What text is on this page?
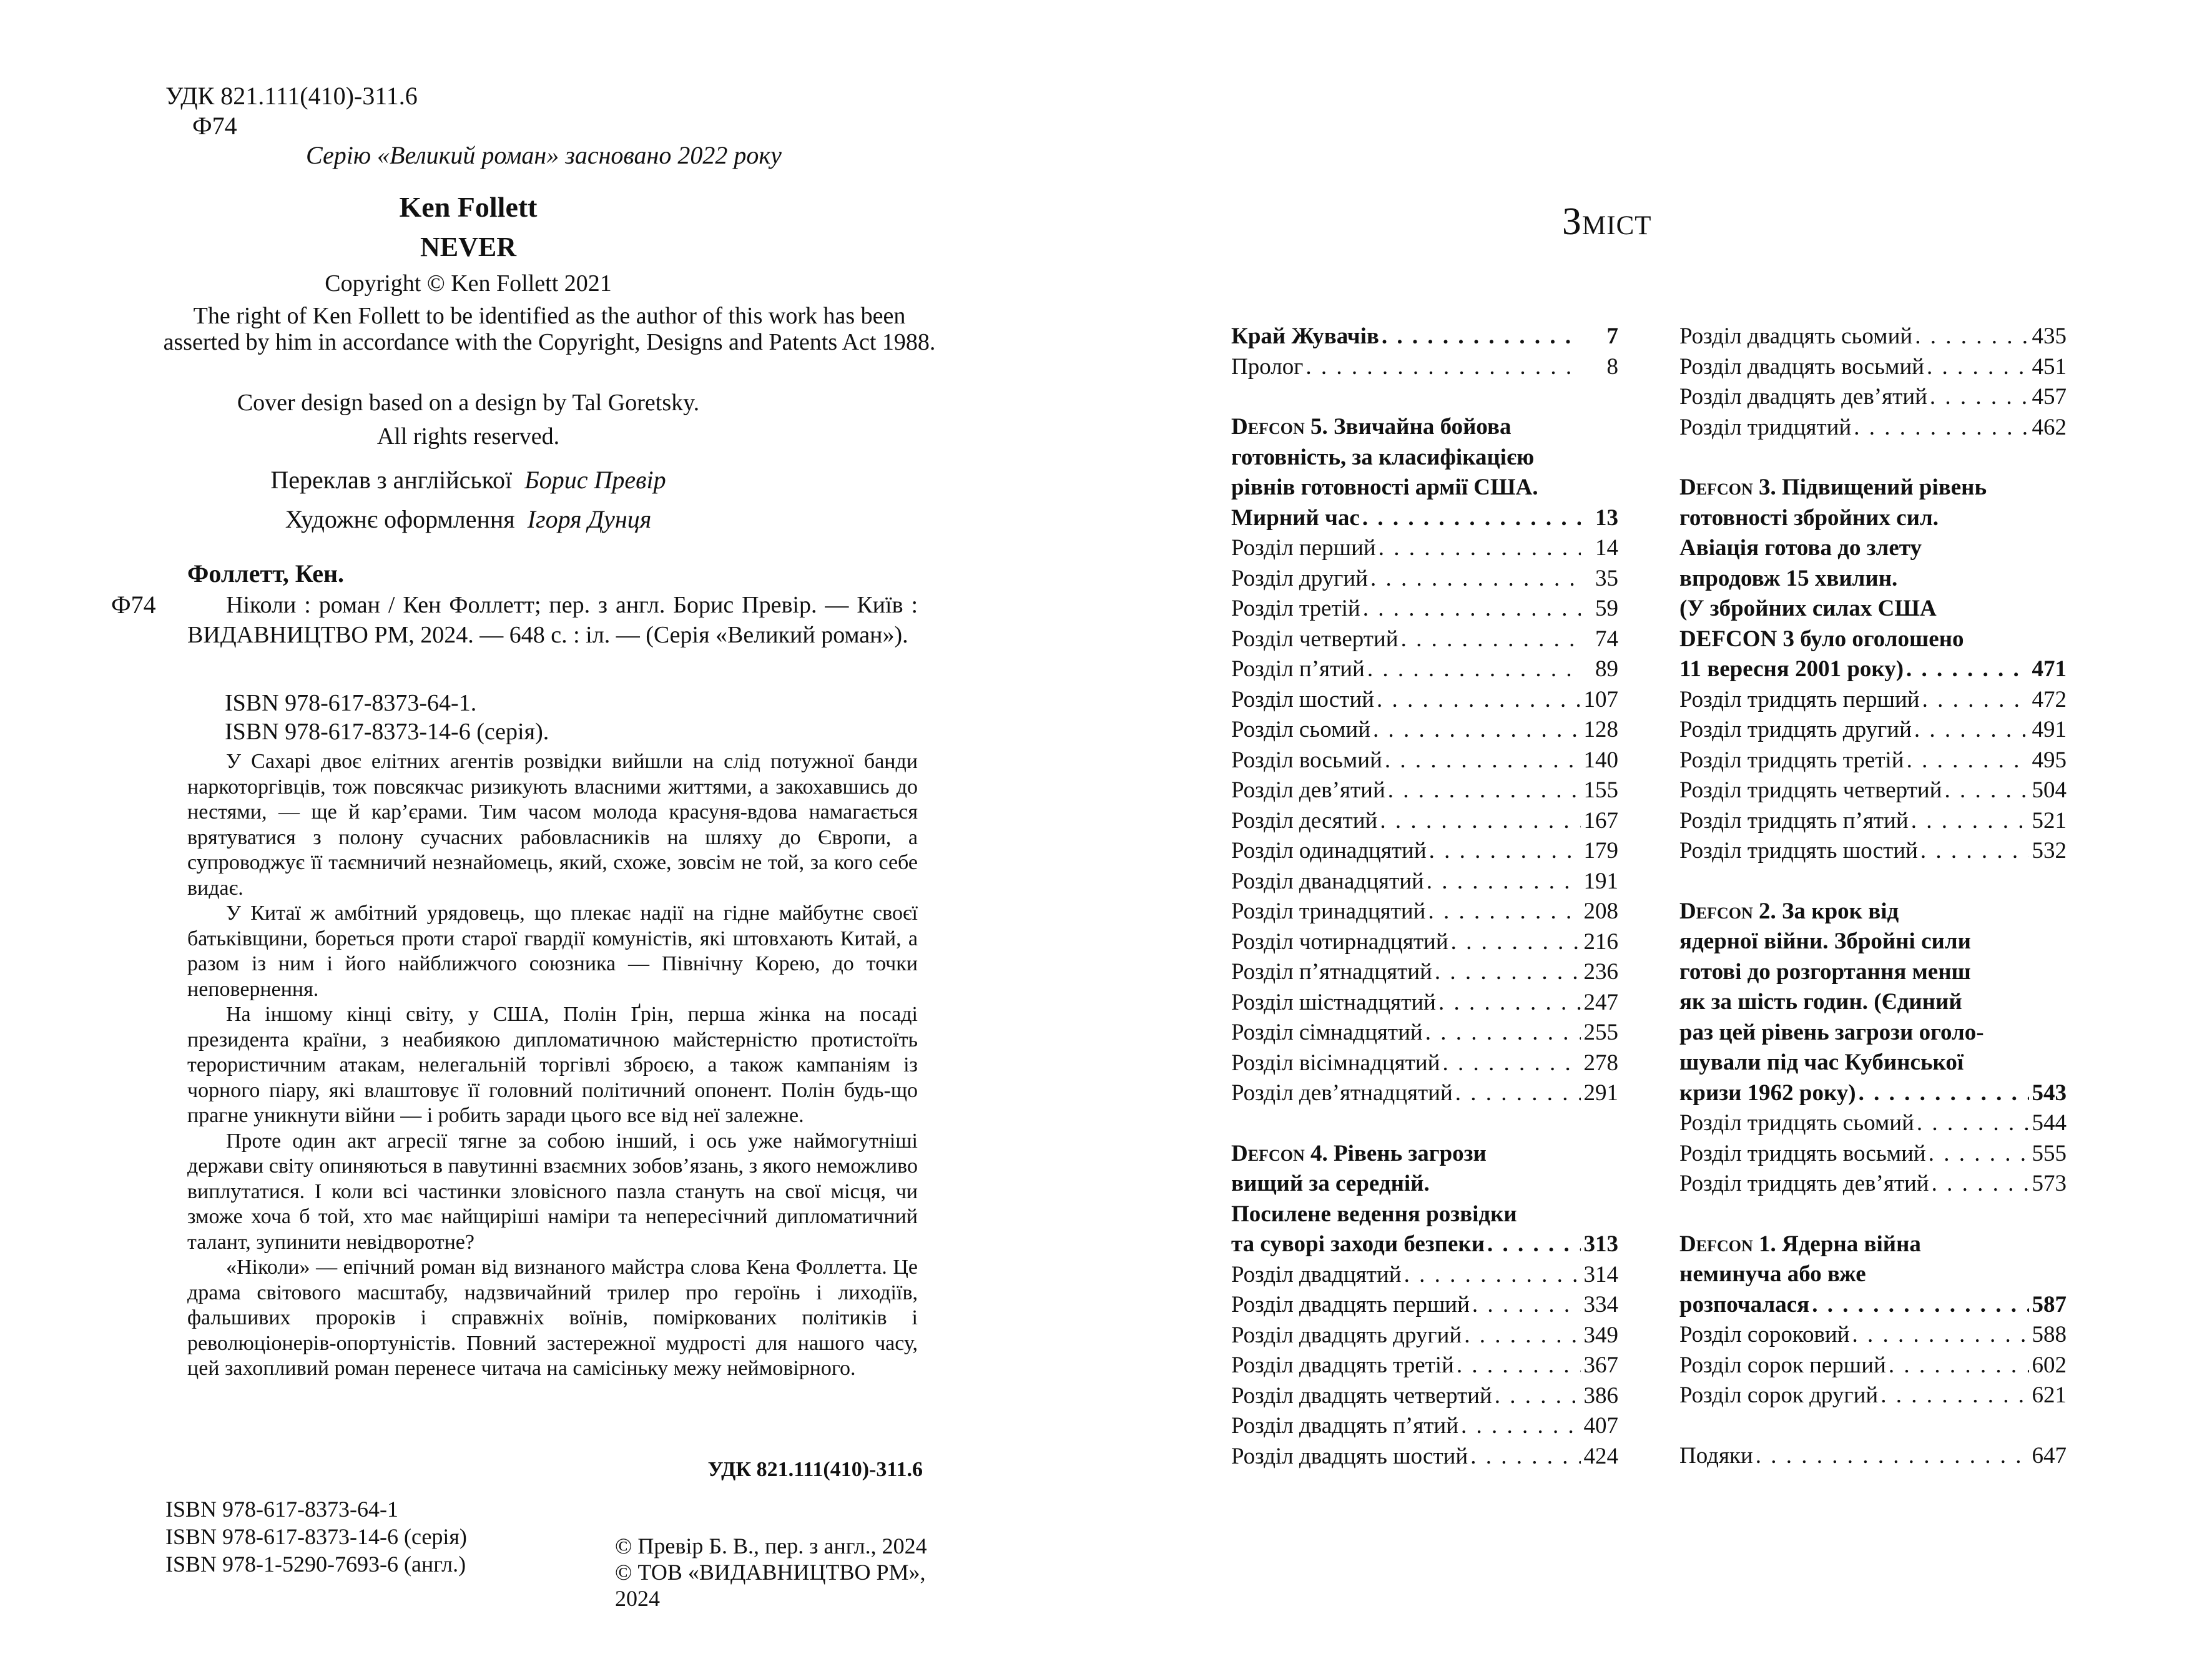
УДК 821.111(410)-311.6
Ф74
Серію «Великий роман» засновано 2022 року
Ken Follett
NEVER
Copyright © Ken Follett 2021
The right of Ken Follett to be identified as the author of this work has been asserted by him in accordance with the Copyright, Designs and Patents Act 1988.
Cover design based on a design by Tal Goretsky.
All rights reserved.
Переклав з англійської Борис Превір
Художнє оформлення Ігоря Дунця
Фоллетт, Кен.
Ф74	Ніколи : роман / Кен Фоллетт; пер. з англ. Борис Превір. — Київ : ВИДАВНИЦТВО РМ, 2024. — 648 с. : іл. — (Серія «Великий роман»).
ISBN 978-617-8373-64-1.
ISBN 978-617-8373-14-6 (серія).

У Сахарі двоє елітних агентів розвідки вийшли на слід потужної банди наркоторгівців, тож повсякчас ризикують власними життями, а закохавшись до нестями, — ще й кар’єрами. Тим часом молода красуня-вдова намагається врятуватися з полону сучасних рабовласників на шляху до Європи, а супроводжує її таємничий незнайомець, який, схоже, зовсім не той, за кого себе видає.

У Китаї ж амбітний урядовець, що плекає надії на гідне майбутнє своєї батьківщини, бореться проти старої гвардії комуністів, які штовхають Китай, а разом із ним і його найближчого союзника — Північну Корею, до точки неповернення.

На іншому кінці світу, у США, Полін Ґрін, перша жінка на посаді президента країни, з неабиякою дипломатичною майстерністю протистоїть терористичним атакам, нелегальній торгівлі зброєю, а також кампаніям із чорного піару, які влаштовує її головний політичний опонент. Полін будь-що прагне уникнути війни — і робить заради цього все від неї залежне.

Проте один акт агресії тягне за собою інший, і ось уже наймогутніші держави світу опиняються в павутинні взаємних зобов’язань, з якого неможливо виплутатися. І коли всі частинки зловісного пазла стануть на свої місця, чи зможе хоча б той, хто має найщиріші наміри та непересічний дипломатичний талант, зупинити невідворотне?

«Ніколи» — епічний роман від визнаного майстра слова Кена Фоллетта. Це драма світового масштабу, надзвичайний трилер про героїнь і лиходіїв, фальшивих пророків і справжніх воїнів, поміркованих політиків і революціонерів-опортуністів. Повний застережної мудрості для нашого часу, цей захопливий роман перенесе читача на самісіньку межу неймовірного.

УДК 821.111(410)-311.6
ISBN 978-617-8373-64-1
ISBN 978-617-8373-14-6 (серія)
ISBN 978-1-5290-7693-6 (англ.)
© Превір Б. В., пер. з англ., 2024
© ТОВ «ВИДАВНИЦТВО РМ», 2024
Зміст
Край Жувачів . . .	7
Пролог . . .	8
Defcon 5. Звичайна бойова
готовність, за класифікацією
рівнів готовності армії США.
Мирний час . . .	13
Розділ перший . . .	14
Розділ другий . . .	35
Розділ третій . . .	59
Розділ четвертий . . .	74
Розділ п’ятий . . .	89
Розділ шостий . . .	107
Розділ сьомий . . .	128
Розділ восьмий . . .	140
Розділ дев’ятий . . .	155
Розділ десятий . . .	167
Розділ одинадцятий . . .	179
Розділ дванадцятий . . .	191
Розділ тринадцятий . . .	208
Розділ чотирнадцятий . . .	216
Розділ п’ятнадцятий . . .	236
Розділ шістнадцятий . . .	247
Розділ сімнадцятий . . .	255
Розділ вісімнадцятий . . .	278
Розділ дев’ятнадцятий . . .	291
Defcon 4. Рівень загрози
вищий за середній.
Посилене ведення розвідки
та суворі заходи безпеки . . .	313
Розділ двадцятий . . .	314
Розділ двадцять перший . . .	334
Розділ двадцять другий . . .	349
Розділ двадцять третій . . .	367
Розділ двадцять четвертий . . .	386
Розділ двадцять п’ятий . . .	407
Розділ двадцять шостий . . .	424
Розділ двадцять сьомий . . .	435
Розділ двадцять восьмий . . .	451
Розділ двадцять дев’ятий . . .	457
Розділ тридцятий . . .	462
Defcon 3. Підвищений рівень
готовності збройних сил.
Авіація готова до злету
впродовж 15 хвилин.
(У збройних силах США
DEFCON 3 було оголошено
11 вересня 2001 року) . . .	471
Розділ тридцять перший . . .	472
Розділ тридцять другий . . .	491
Розділ тридцять третій . . .	495
Розділ тридцять четвертий . . .	504
Розділ тридцять п’ятий . . .	521
Розділ тридцять шостий . . .	532
Defcon 2. За крок від
ядерної війни. Збройні сили
готові до розгортання менш
як за шість годин. (Єдиний
раз цей рівень загрози оголо-
шували під час Кубинської
кризи 1962 року) . . .	543
Розділ тридцять сьомий . . .	544
Розділ тридцять восьмий . . .	555
Розділ тридцять дев’ятий . . .	573
Defcon 1. Ядерна війна
неминуча або вже
розпочалася . . .	587
Розділ сороковий . . .	588
Розділ сорок перший . . .	602
Розділ сорок другий . . .	621
Подяки . . .	647
